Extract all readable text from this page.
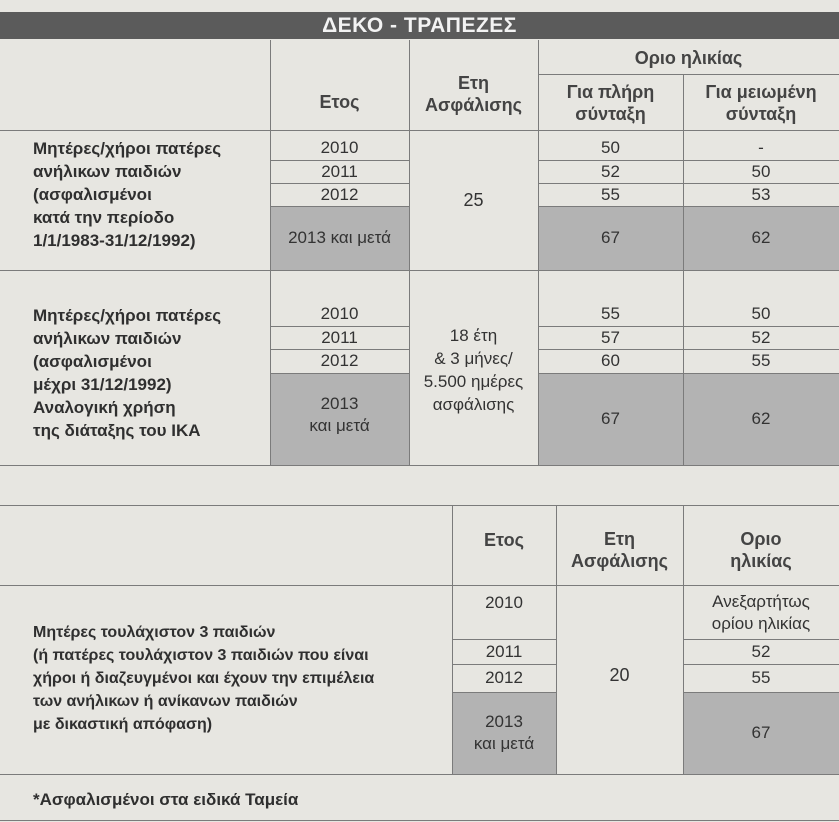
ΔΕΚΟ - ΤΡΑΠΕΖΕΣ
Ετος
Ετη
Ασφάλισης
Οριο ηλικίας
Για πλήρη
σύνταξη
Για μειωμένη
σύνταξη
Μητέρες/χήροι πατέρες
ανήλικων παιδιών
(ασφαλισμένοι
κατά την περίοδο
1/1/1983-31/12/1992)
2010
2011
2012
2013 και μετά
25
50
52
55
67
-
50
53
62
Μητέρες/χήροι πατέρες
ανήλικων παιδιών
(ασφαλισμένοι
μέχρι 31/12/1992)
Αναλογική χρήση
της διάταξης του ΙΚΑ
2010
2011
2012
2013
και μετά
18 έτη
& 3 μήνες/
5.500 ημέρες
ασφάλισης
55
57
60
67
50
52
55
62
Ετος	Ετη
Ασφάλισης
Οριο
ηλικίας
Μητέρες τουλάχιστον 3 παιδιών
(ή πατέρες τουλάχιστον 3 παιδιών που είναι
χήροι ή διαζευγμένοι και έχουν την επιμέλεια
των ανήλικων ή ανίκανων παιδιών
με δικαστική απόφαση)
2010
2011
2012
2013
και μετά
20
Ανεξαρτήτως
ορίου ηλικίας
52
55
67
*Ασφαλισμένοι στα ειδικά Ταμεία
